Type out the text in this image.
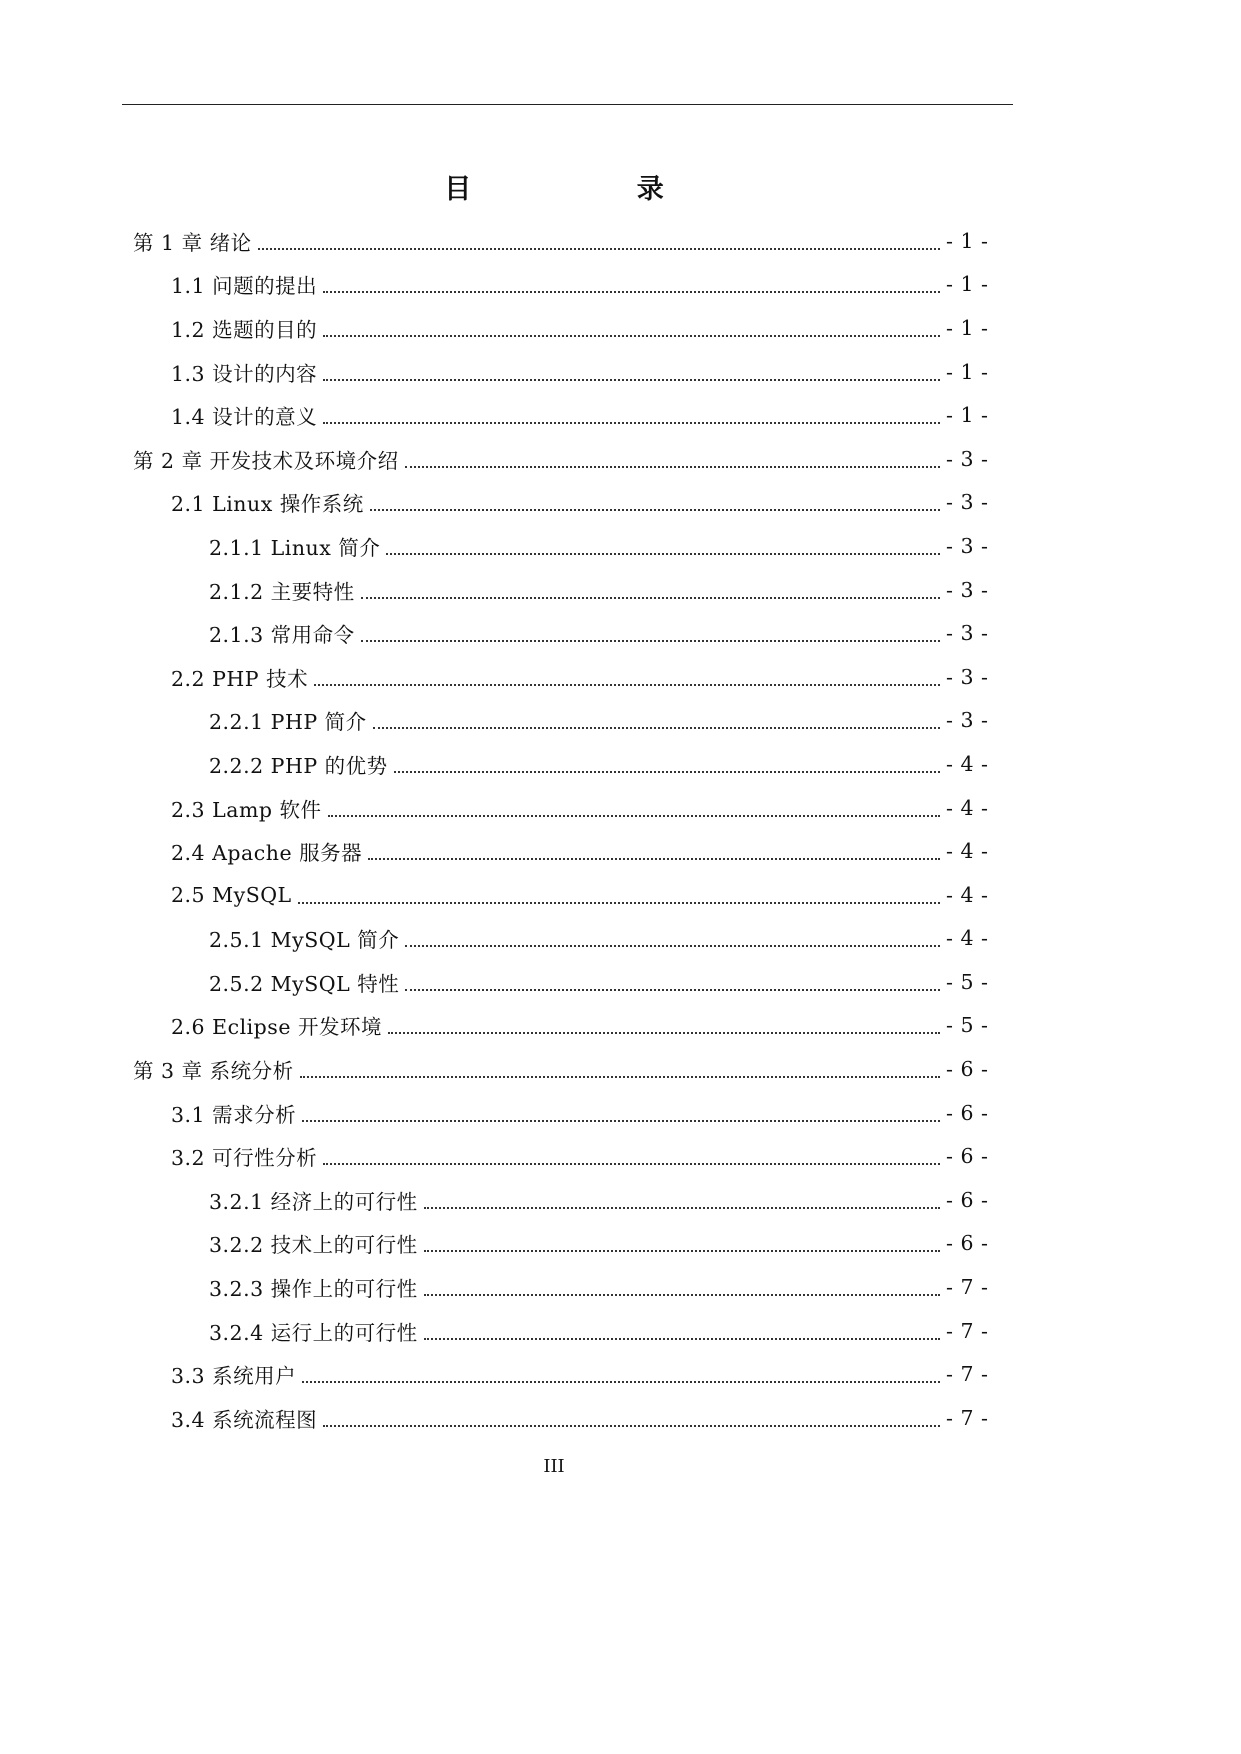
目 录
第 1 章 绪论	- 1 -
1.1 问题的提出	- 1 -
1.2 选题的目的	- 1 -
1.3 设计的内容	- 1 -
1.4 设计的意义	- 1 -
第 2 章 开发技术及环境介绍	- 3 -
2.1 Linux 操作系统	- 3 -
2.1.1 Linux 简介	- 3 -
2.1.2 主要特性	- 3 -
2.1.3 常用命令	- 3 -
2.2 PHP 技术	- 3 -
2.2.1 PHP 简介	- 3 -
2.2.2 PHP 的优势	- 4 -
2.3 Lamp 软件	- 4 -
2.4 Apache 服务器	- 4 -
2.5 MySQL	- 4 -
2.5.1 MySQL 简介	- 4 -
2.5.2 MySQL 特性	- 5 -
2.6 Eclipse 开发环境	- 5 -
第 3 章 系统分析	- 6 -
3.1 需求分析	- 6 -
3.2 可行性分析	- 6 -
3.2.1 经济上的可行性	- 6 -
3.2.2 技术上的可行性	- 6 -
3.2.3 操作上的可行性	- 7 -
3.2.4 运行上的可行性	- 7 -
3.3 系统用户	- 7 -
3.4 系统流程图	- 7 -
III
